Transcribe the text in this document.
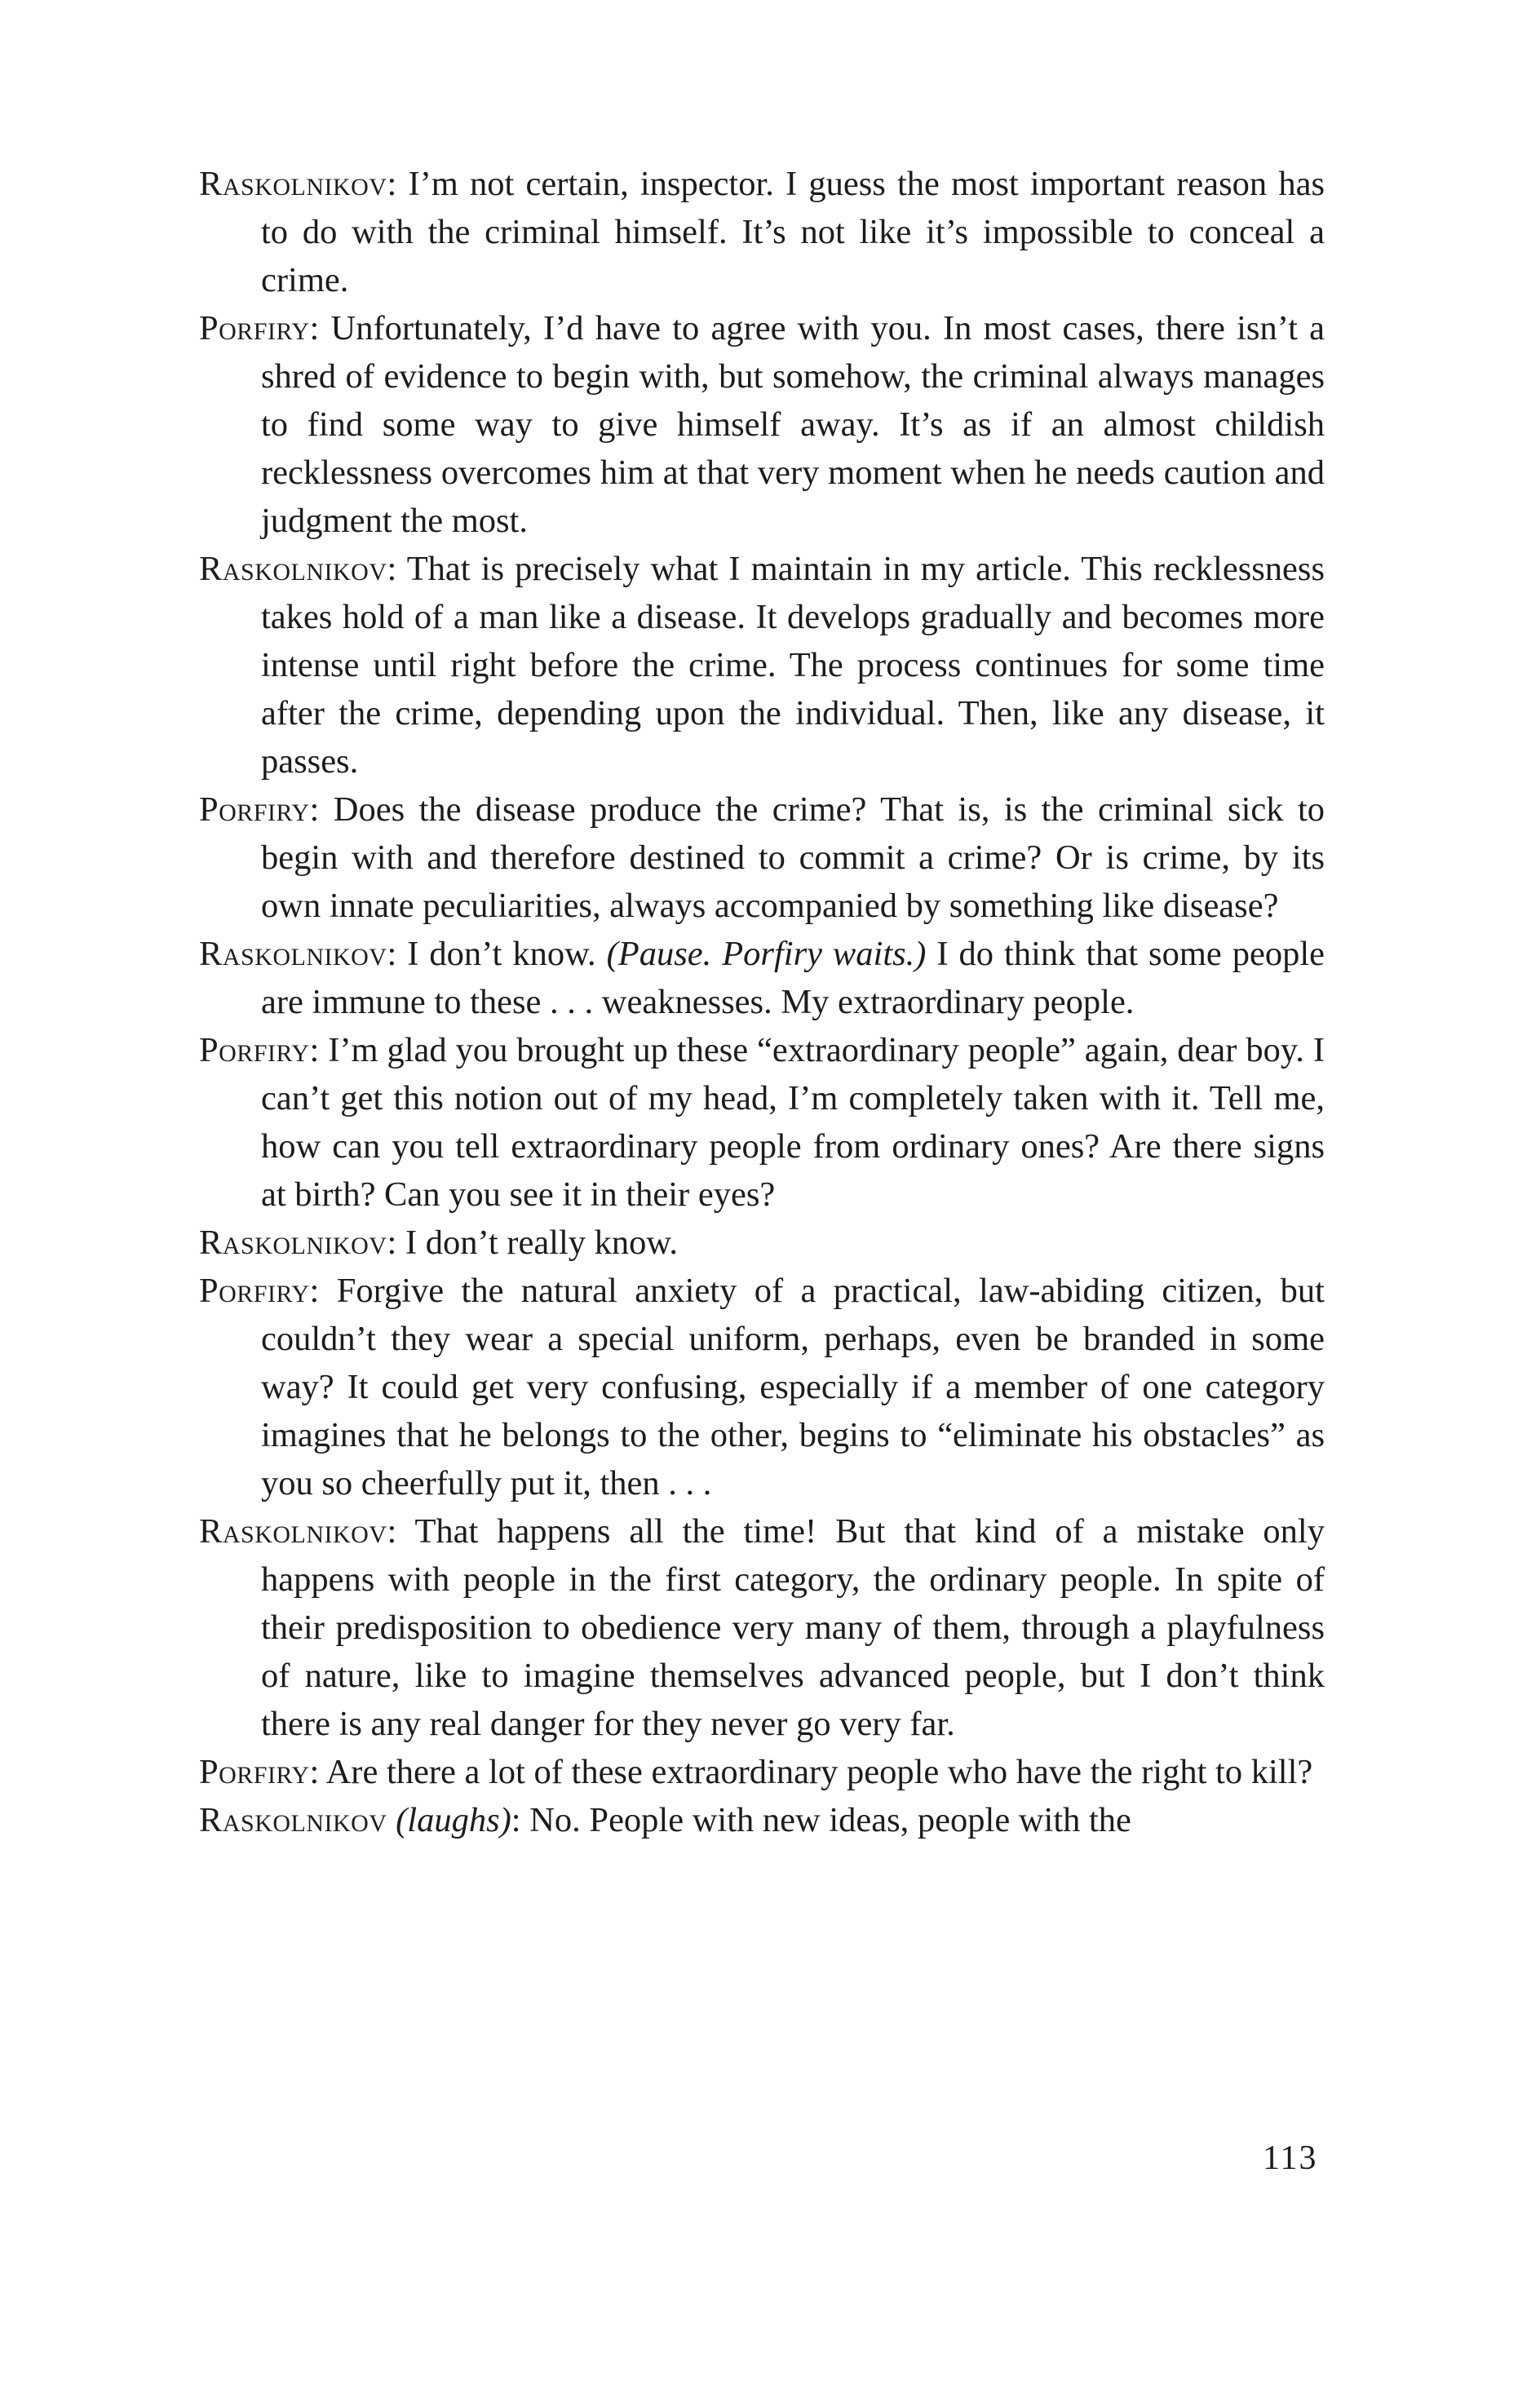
Raskolnikov: I’m not certain, inspector. I guess the most important reason has to do with the criminal himself. It’s not like it’s impossible to conceal a crime.

Porfiry: Unfortunately, I’d have to agree with you. In most cases, there isn’t a shred of evidence to begin with, but somehow, the criminal always manages to find some way to give himself away. It’s as if an almost childish recklessness overcomes him at that very moment when he needs caution and judgment the most.

Raskolnikov: That is precisely what I maintain in my article. This recklessness takes hold of a man like a disease. It develops gradually and becomes more intense until right before the crime. The process continues for some time after the crime, depending upon the individual. Then, like any disease, it passes.

Porfiry: Does the disease produce the crime? That is, is the criminal sick to begin with and therefore destined to commit a crime? Or is crime, by its own innate peculiarities, always accompanied by something like disease?

Raskolnikov: I don’t know. (Pause. Porfiry waits.) I do think that some people are immune to these . . . weaknesses. My extraordinary people.

Porfiry: I’m glad you brought up these “extraordinary people” again, dear boy. I can’t get this notion out of my head, I’m completely taken with it. Tell me, how can you tell extraordinary people from ordinary ones? Are there signs at birth? Can you see it in their eyes?

Raskolnikov: I don’t really know.

Porfiry: Forgive the natural anxiety of a practical, law-abiding citizen, but couldn’t they wear a special uniform, perhaps, even be branded in some way? It could get very confusing, especially if a member of one category imagines that he belongs to the other, begins to “eliminate his obstacles” as you so cheerfully put it, then . . .

Raskolnikov: That happens all the time! But that kind of a mistake only happens with people in the first category, the ordinary people. In spite of their predisposition to obedience very many of them, through a playfulness of nature, like to imagine themselves advanced people, but I don’t think there is any real danger for they never go very far.

Porfiry: Are there a lot of these extraordinary people who have the right to kill?

Raskolnikov (laughs): No. People with new ideas, people with the

113
